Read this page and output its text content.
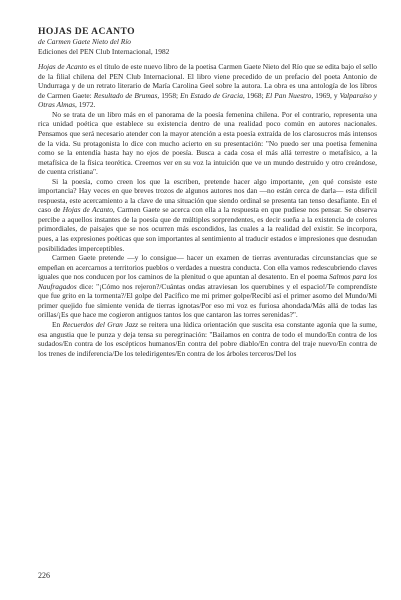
HOJAS DE ACANTO
de Carmen Gaete Nieto del Río
Ediciones del PEN Club Internacional, 1982

Hojas de Acanto es el título de este nuevo libro de la poetisa Carmen Gaete Nieto del Río que se edita bajo el sello de la filial chilena del PEN Club Internacional. El libro viene precedido de un prefacio del poeta Antonio de Undurraga y de un retrato literario de María Carolina Geel sobre la autora. La obra es una antología de los libros de Carmen Gaete: Resultado de Brumas, 1958; En Estado de Gracia, 1968; El Pan Nuestro, 1969, y Valparaíso y Otras Almas, 1972.

No se trata de un libro más en el panorama de la poesía femenina chilena. Por el contrario, representa una rica unidad poética que establece su existencia dentro de una realidad poco común en autores nacionales. Pensamos que será necesario atender con la mayor atención a esta poesía extraída de los clarosucros más intensos de la vida. Su protagonista lo dice con mucho acierto en su presentación: "No puedo ser una poetisa femenina como se la entendía hasta hay no ejos de poesía. Busca a cada cosa el más allá terrestre o metafísico, a la metafísica de la física teorética. Creemos ver en su voz la intuición que ve un mundo destruido y otro creándose, de cuenta cristiana".

Si la poesía, como creen los que la escriben, pretende hacer algo importante, ¿en qué consiste este importancia? Hay veces en que breves trozos de algunos autores nos dan —no están cerca de darla— esta difícil respuesta, este acercamiento a la clave de una situación que siendo ordinal se presenta tan tenso desafiante. En el caso de Hojas de Acanto, Carmen Gaete se acerca con ella a la respuesta en que pudiese nos pensar. Se observa percibe a aquellos instantes de la poesía que de múltiples sorprendentes, es decir sueña a la existencia de colores primordiales, de paisajes que se nos ocurren más escondidos, las cuales a la realidad del existir. Se incorpora, pues, a las expresiones poéticas que son importantes al sentimiento al traducir estados e impresiones que desnudan posibilidades imperceptibles.

Carmen Gaete pretende —y lo consigue— hacer un examen de tierras aventuradas circunstancias que se empeñan en acercarnos a territorios pueblos o verdades a nuestra conducta. Con ella vamos redescubriendo claves iguales que nos conducen por los caminos de la plenitud o que apuntan al desatento. En el poema Salmos para los Naufragados dice: "¡Cómo nos rejeron?/Cuántas ondas atraviesan los querubines y el espacio!/Te comprendíste que fue grito en la tormenta?/El golpe del Pacífico me mi primer golpe/Recibí así el primer asomo del Mundo/Mi primer quejido fue símiente venida de tierras ignotas/Por eso mi voz es furiosa ahondada/Más allá de todas las orillas/¡Es que hace me cogieron antiguos tantos los que cantaron las torres serenidas?".

En Recuerdos del Gran Jazz se reitera una lúdica orientación que suscita esa constante agonía que la sume, esa angustia que le punza y deja tensa su peregrinación: "Bailamos en contra de todo el mundo/En contra de los sudados/En contra de los escépticos humanos/En contra del pobre diablo/En contra del traje nuevo/En contra de los trenes de indiferencia/De los teledirigentes/En contra de los árboles terceros/Del los

226
